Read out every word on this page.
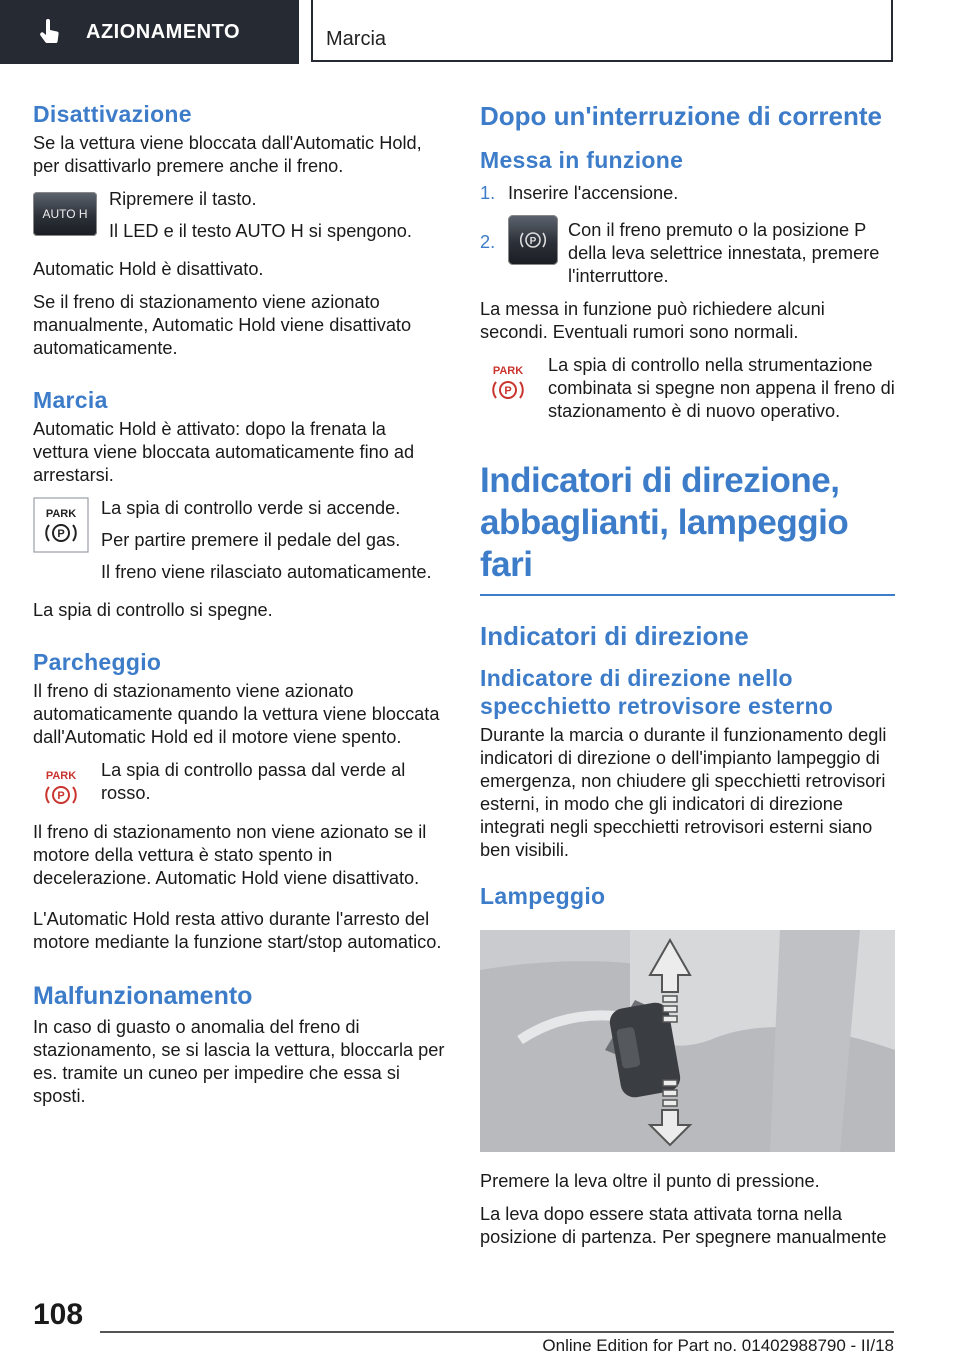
AZIONAMENTO	Marcia
Disattivazione

Se la vettura viene bloccata dall'Automatic Hold, per disattivarlo premere anche il freno.

AUTO H

Ripremere il tasto.

Il LED e il testo AUTO H si spengono.

Automatic Hold è disattivato.

Se il freno di stazionamento viene azionato manualmente, Automatic Hold viene disattivato automaticamente.

Marcia

Automatic Hold è attivato: dopo la frenata la vettura viene bloccata automaticamente fino ad arrestarsi.

PARK
P

La spia di controllo verde si accende.

Per partire premere il pedale del gas.

Il freno viene rilasciato automaticamente.

La spia di controllo si spegne.

Parcheggio

Il freno di stazionamento viene azionato automaticamente quando la vettura viene bloccata dall'Automatic Hold ed il motore viene spento.

PARK
P

La spia di controllo passa dal verde al rosso.

Il freno di stazionamento non viene azionato se il motore della vettura è stato spento in decelerazione. Automatic Hold viene disattivato.

L'Automatic Hold resta attivo durante l'arresto del motore mediante la funzione start/stop automatico.

Malfunzionamento

In caso di guasto o anomalia del freno di stazionamento, se si lascia la vettura, bloccarla per es. tramite un cuneo per impedire che essa si sposti.

Dopo un'interruzione di corrente
Messa in funzione
1. Inserire l'accensione.
2.	P
Con il freno premuto o la posizione P della leva selettrice innestata, premere l'interruttore.

La messa in funzione può richiedere alcuni secondi. Eventuali rumori sono normali.

PARK
P

La spia di controllo nella strumentazione combinata si spegne non appena il freno di stazionamento è di nuovo operativo.

Indicatori di direzione, abbaglianti, lampeggio fari
Indicatori di direzione
Indicatore di direzione nello specchietto retrovisore esterno

Durante la marcia o durante il funzionamento degli indicatori di direzione o dell'impianto lampeggio di emergenza, non chiudere gli specchietti retrovisori esterni, in modo che gli indicatori di direzione integrati negli specchietti retrovisori esterni siano ben visibili.

Lampeggio

Premere la leva oltre il punto di pressione.

La leva dopo essere stata attivata torna nella posizione di partenza. Per spegnere manualmente

108
Online Edition for Part no. 01402988790 - II/18
